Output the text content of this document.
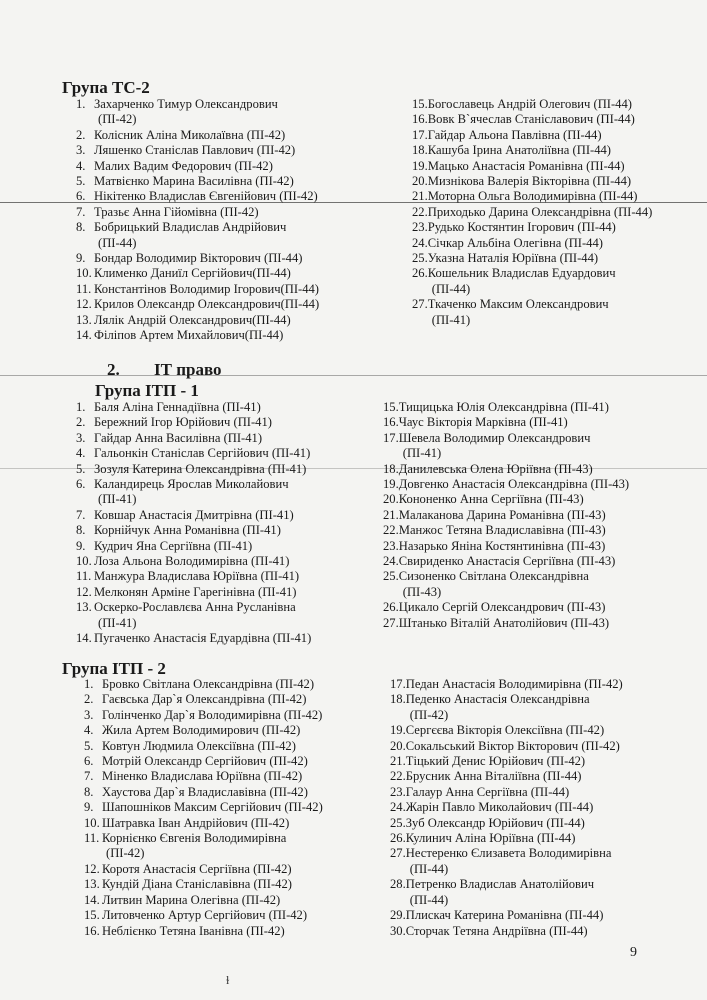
Група ТС-2
1. Захарченко Тимур Олександрович
(ПІ-42)
2. Колісник Аліна Миколаївна (ПІ-42)
3. Ляшенко Станіслав Павлович (ПІ-42)
4. Малих Вадим Федорович (ПІ-42)
5. Матвієнко Марина Василівна (ПІ-42)
6. Нікітенко Владислав Євгенійович (ПІ-42)
7. Тразьє Анна Гійомівна (ПІ-42)
8. Бобрицький Владислав Андрійович
(ПІ-44)
9. Бондар Володимир Вікторович (ПІ-44)
10. Клименко Даниїл Сергійович(ПІ-44)
11. Константінов Володимир Ігорович(ПІ-44)
12. Крилов Олександр Олександрович(ПІ-44)
13. Лялік Андрій Олександрович(ПІ-44)
14. Філіпов Артем Михайлович(ПІ-44)
15. Богославець Андрій Олегович (ПІ-44)
16. Вовк В`ячеслав Станіславович (ПІ-44)
17. Гайдар Альона Павлівна (ПІ-44)
18. Кашуба Ірина Анатоліївна (ПІ-44)
19. Мацько Анастасія Романівна (ПІ-44)
20. Мизнікова Валерія Вікторівна (ПІ-44)
21. Моторна Ольга Володимирівна (ПІ-44)
22. Приходько Дарина Олександрівна (ПІ-44)
23. Рудько Костянтин Ігорович (ПІ-44)
24. Січкар Альбіна Олегівна (ПІ-44)
25. Указна Наталія Юріївна (ПІ-44)
26. Кошельник Владислав Едуардович
(ПІ-44)
27. Ткаченко Максим Олександрович
(ПІ-41)
2. ІТ право
Група ІТП - 1
1. Баля Аліна Геннадіївна (ПІ-41)
2. Бережний Ігор Юрійович (ПІ-41)
3. Гайдар Анна Василівна (ПІ-41)
4. Гальонкін Станіслав Сергійович (ПІ-41)
5. Зозуля Катерина Олександрівна (ПІ-41)
6. Каландирець Ярослав Миколайович
(ПІ-41)
7. Ковшар Анастасія Дмитрівна (ПІ-41)
8. Корнійчук Анна Романівна (ПІ-41)
9. Кудрич Яна Сергіївна (ПІ-41)
10. Лоза Альона Володимирівна (ПІ-41)
11. Манжура Владислава Юріївна (ПІ-41)
12. Мелконян Арміне Гарегінівна (ПІ-41)
13. Оскерко-Рославлєва Анна Русланівна
(ПІ-41)
14. Пугаченко Анастасія Едуардівна (ПІ-41)
15. Тищицька Юлія Олександрівна (ПІ-41)
16. Чаус Вікторія Марківна (ПІ-41)
17. Шевела Володимир Олександрович
(ПІ-41)
18. Данилевська Олена Юріївна (ПІ-43)
19. Довгенко Анастасія Олександрівна (ПІ-43)
20. Кононенко Анна Сергіївна (ПІ-43)
21. Малаканова Дарина Романівна (ПІ-43)
22. Манжос Тетяна Владиславівна (ПІ-43)
23. Назарько Яніна Костянтинівна (ПІ-43)
24. Свириденко Анастасія Сергіївна (ПІ-43)
25. Сизоненко Світлана Олександрівна
(ПІ-43)
26. Цикало Сергій Олександрович (ПІ-43)
27. Штанько Віталій Анатолійович (ПІ-43)
Група ІТП - 2
1. Бровко Світлана Олександрівна (ПІ-42)
2. Гаєвська Дар`я Олександрівна (ПІ-42)
3. Голінченко Дар`я Володимирівна (ПІ-42)
4. Жила Артем Володимирович (ПІ-42)
5. Ковтун Людмила Олексіївна (ПІ-42)
6. Мотрій Олександр Сергійович (ПІ-42)
7. Міненко Владислава Юріївна (ПІ-42)
8. Хаустова Дар`я Владиславівна (ПІ-42)
9. Шапошніков Максим Сергійович (ПІ-42)
10. Шатравка Іван Андрійович (ПІ-42)
11. Корнієнко Євгенія Володимирівна
(ПІ-42)
12. Коротя Анастасія Сергіївна (ПІ-42)
13. Кундій Діана Станіславівна (ПІ-42)
14. Литвин Марина Олегівна (ПІ-42)
15. Литовченко Артур Сергійович (ПІ-42)
16. Неблієнко Тетяна Іванівна (ПІ-42)
17. Педан Анастасія Володимирівна (ПІ-42)
18. Педенко Анастасія Олександрівна
(ПІ-42)
19. Сергєєва Вікторія Олексіївна (ПІ-42)
20. Сокальський Віктор Вікторович (ПІ-42)
21. Тіцький Денис Юрійович (ПІ-42)
22. Брусник Анна Віталіївна (ПІ-44)
23. Галаур Анна Сергіївна (ПІ-44)
24. Жарін Павло Миколайович (ПІ-44)
25. Зуб Олександр Юрійович (ПІ-44)
26. Кулинич Аліна Юріївна (ПІ-44)
27. Нестеренко Єлизавета Володимирівна
(ПІ-44)
28. Петренко Владислав Анатолійович
(ПІ-44)
29. Плискач Катерина Романівна (ПІ-44)
30. Сторчак Тетяна Андріївна (ПІ-44)
9
ɫ
